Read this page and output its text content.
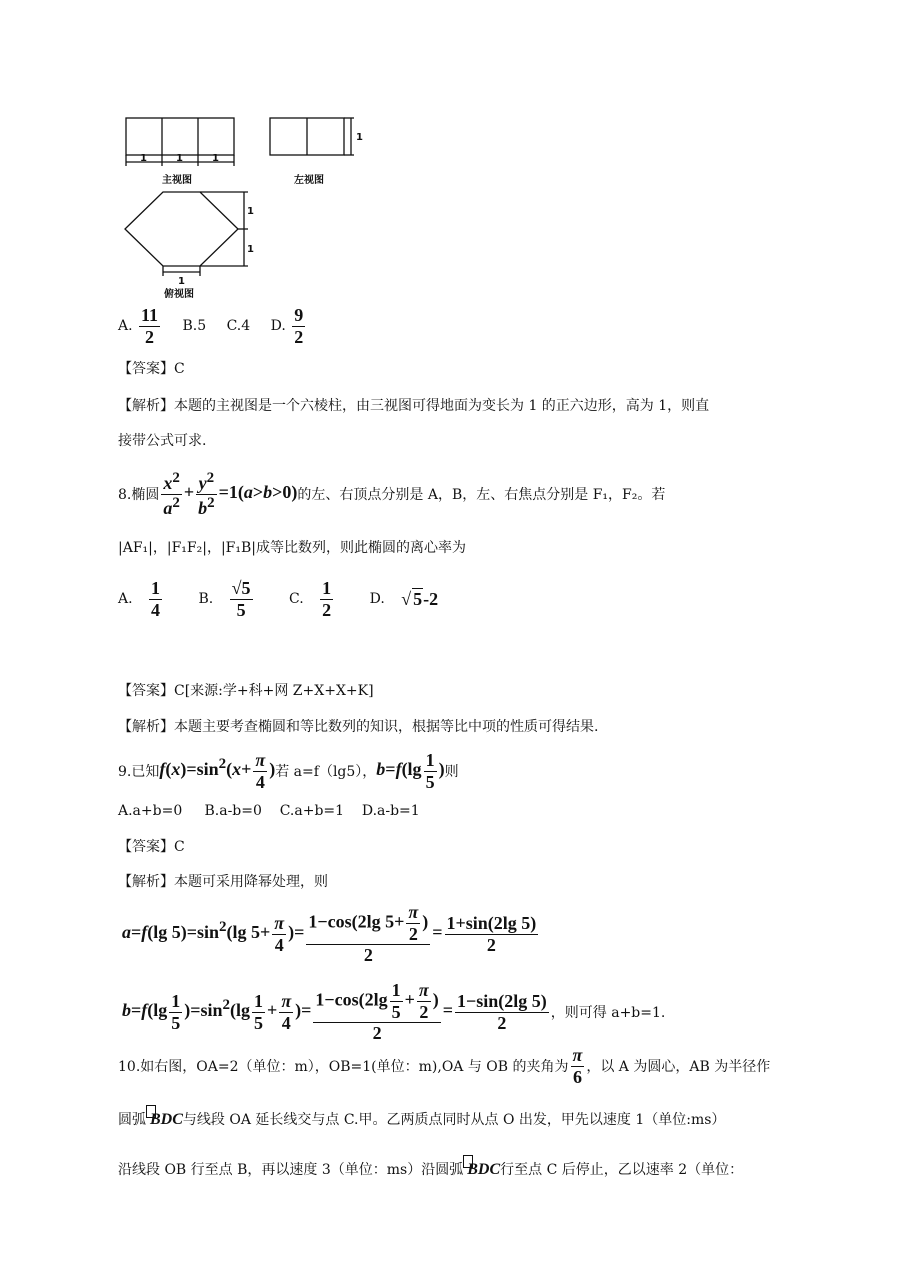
1	1	1
1
1
1
1
主视图	左视图
俯视图
A. $\frac{11}{2} B.5$ C.4 D. $\frac{9}{2}$
【答案】C
【解析】本题的主视图是一个六棱柱，由三视图可得地面为变长为 1 的正六边形，高为 1，则直
接带公式可求.
8.椭圆 $\frac{x^2}{a^2} + \frac{y^2}{b^2} =1(a>b>0)$的左、右顶点分别是 A，B，左、右焦点分别是 F₁，F₂。若
|AF₁|，|F₁F₂|，|F₁B|成等比数列，则此椭圆的离心率为
A. $\frac{1}{4}$	B. $\frac{√5}{5}$	C. $\frac{1}{2}$	D. √ 5-2
【答案】C[来源:学+科+网 Z+X+X+K]
【解析】本题主要考查椭圆和等比数列的知识，根据等比中项的性质可得结果.
9.已知$f(x)=\sin^2(x+ \frac{\pi}{4}$ )若 a=f（lg5），$b=f(\lg \frac{1}{5}$ )则
A.a+b=0     B.a-b=0    C.a+b=1    D.a-b=1
【答案】C
【解析】本题可采用降幂处理，则
a=f(lg $5)=\sin^2(\lg$ $5+ \frac{\pi}{4}$ )= $\frac{1-\cos(2\lg 5+ \frac{\pi}{2} )}{2} = \frac{1+\sin(2\lg 5)}{2}$
$b=f(\lg \frac{1}{5} )=\sin^2(\lg \frac{1}{5} + \frac{\pi}{4}$ )= $\frac{1-\cos(2\lg \frac{1}{5} + \frac{\pi}{2} )}{2} = \frac{1-\sin(2\lg 5)}{2}$ ，则可得 a+b=1.
10.如右图，OA=2（单位：m），OB=1(单位：m),OA 与 OB 的夹角为 $\frac{\pi}{6}$ ，以 A 为圆心，AB 为半径作
圆弧 BDC与线段 OA 延长线交与点 C.甲。乙两质点同时从点 O 出发，甲先以速度 1（单位:ms）
沿线段 OB 行至点 B，再以速度 3（单位：ms）沿圆弧 BDC行至点 C 后停止，乙以速率 2（单位：
